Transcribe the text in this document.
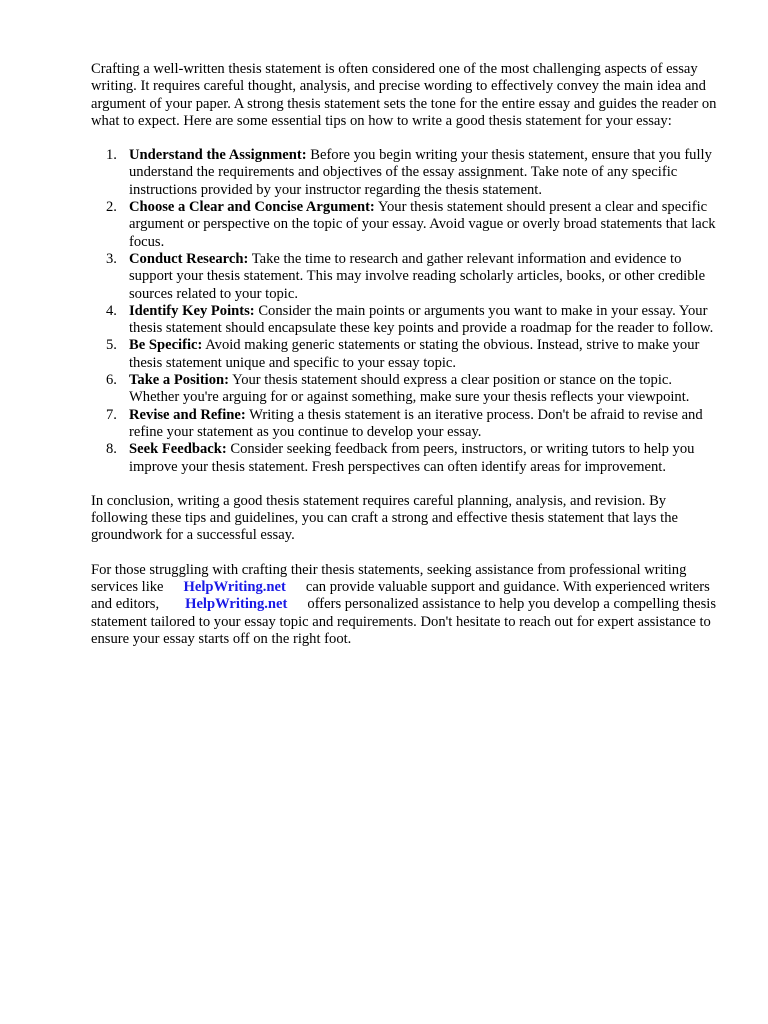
Crafting a well-written thesis statement is often considered one of the most challenging aspects of essay writing. It requires careful thought, analysis, and precise wording to effectively convey the main idea and argument of your paper. A strong thesis statement sets the tone for the entire essay and guides the reader on what to expect. Here are some essential tips on how to write a good thesis statement for your essay:

1. Understand the Assignment: Before you begin writing your thesis statement, ensure that you fully understand the requirements and objectives of the essay assignment. Take note of any specific instructions provided by your instructor regarding the thesis statement.
2. Choose a Clear and Concise Argument: Your thesis statement should present a clear and specific argument or perspective on the topic of your essay. Avoid vague or overly broad statements that lack focus.
3. Conduct Research: Take the time to research and gather relevant information and evidence to support your thesis statement. This may involve reading scholarly articles, books, or other credible sources related to your topic.
4. Identify Key Points: Consider the main points or arguments you want to make in your essay. Your thesis statement should encapsulate these key points and provide a roadmap for the reader to follow.
5. Be Specific: Avoid making generic statements or stating the obvious. Instead, strive to make your thesis statement unique and specific to your essay topic.
6. Take a Position: Your thesis statement should express a clear position or stance on the topic. Whether you're arguing for or against something, make sure your thesis reflects your viewpoint.
7. Revise and Refine: Writing a thesis statement is an iterative process. Don't be afraid to revise and refine your statement as you continue to develop your essay.
8. Seek Feedback: Consider seeking feedback from peers, instructors, or writing tutors to help you improve your thesis statement. Fresh perspectives can often identify areas for improvement.

In conclusion, writing a good thesis statement requires careful planning, analysis, and revision. By following these tips and guidelines, you can craft a strong and effective thesis statement that lays the groundwork for a successful essay.

For those struggling with crafting their thesis statements, seeking assistance from professional writing services like HelpWriting.net can provide valuable support and guidance. With experienced writers and editors, HelpWriting.net offers personalized assistance to help you develop a compelling thesis statement tailored to your essay topic and requirements. Don't hesitate to reach out for expert assistance to ensure your essay starts off on the right foot.
